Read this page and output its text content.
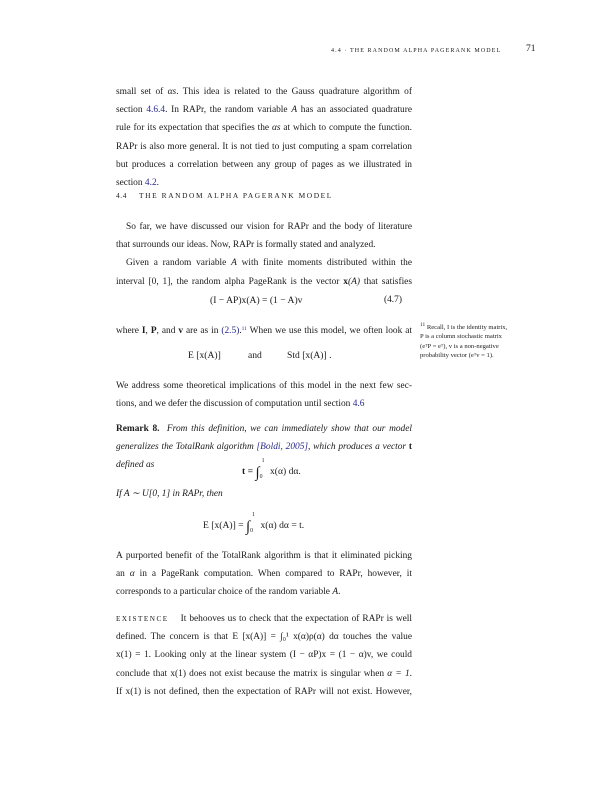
4.4 · THE RANDOM ALPHA PAGERANK MODEL	71
small set of αs. This idea is related to the Gauss quadrature algorithm of
section 4.6.4. In RAPr, the random variable A has an associated quadrature
rule for its expectation that specifies the αs at which to compute the function.
RAPr is also more general. It is not tied to just computing a spam correlation
but produces a correlation between any group of pages as we illustrated in
section 4.2.
4.4 THE RANDOM ALPHA PAGERANK MODEL
So far, we have discussed our vision for RAPr and the body of literature
that surrounds our ideas. Now, RAPr is formally stated and analyzed.
Given a random variable A with finite moments distributed within the
interval [0, 1], the random alpha PageRank is the vector x(A) that satisfies
(I − AP)x(A) = (1 − A)v	(4.7)
where I, P, and v are as in (2.5).$^{11}$ When we use this model, we often look at
E [x(A)]	and	Std [x(A)] .
$^{11}$ Recall, I is the identity matrix,
P is a column stochastic matrix
(eᵀP = eᵀ), v is a non-negative
probability vector (eᵀv = 1).
We address some theoretical implications of this model in the next few sec-
tions, and we defer the discussion of computation until section 4.6
Remark 8. From this definition, we can immediately show that our model
generalizes the TotalRank algorithm [Boldi, 2005], which produces a vector t
defined as
t = ∫
1
0 x(α) dα.
If A ∼ U[0, 1] in RAPr, then
E [x(A)] = ∫
1
0 x(α) dα = t.
A purported benefit of the TotalRank algorithm is that it eliminated picking
an α in a PageRank computation. When compared to RAPr, however, it
corresponds to a particular choice of the random variable A.
EXISTENCE It behooves us to check that the expectation of RAPr is well
defined. The concern is that E [x(A)] = ∫₀¹ x(α)ρ(α) dα touches the value
x(1) = 1. Looking only at the linear system (I − αP)x = (1 − α)v, we could
conclude that x(1) does not exist because the matrix is singular when α = 1.
If x(1) is not defined, then the expectation of RAPr will not exist. However,
